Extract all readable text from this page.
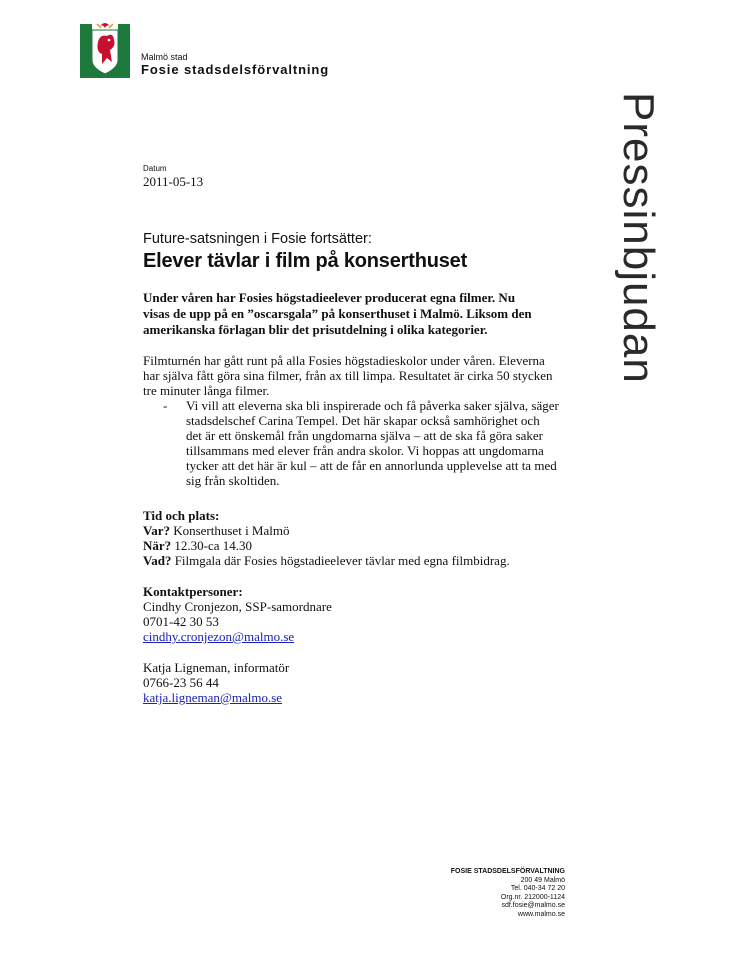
Malmö stad
Fosie stadsdelsförvaltning
Pressinbjudan
Datum
2011-05-13
Future-satsningen i Fosie fortsätter:
Elever tävlar i film på konserthuset
Under våren har Fosies högstadieelever producerat egna filmer. Nu
visas de upp på en ”oscarsgala” på konserthuset i Malmö. Liksom den
amerikanska förlagan blir det prisutdelning i olika kategorier.
Filmturnén har gått runt på alla Fosies högstadieskolor under våren. Eleverna
har själva fått göra sina filmer, från ax till limpa. Resultatet är cirka 50 stycken
tre minuter långa filmer.
- Vi vill att eleverna ska bli inspirerade och få påverka saker själva, säger
stadsdelschef Carina Tempel. Det här skapar också samhörighet och
det är ett önskemål från ungdomarna själva – att de ska få göra saker
tillsammans med elever från andra skolor. Vi hoppas att ungdomarna
tycker att det här är kul – att de får en annorlunda upplevelse att ta med
sig från skoltiden.
Tid och plats:
Var? Konserthuset i Malmö
När? 12.30-ca 14.30
Vad? Filmgala där Fosies högstadieelever tävlar med egna filmbidrag.
Kontaktpersoner:
Cindhy Cronjezon, SSP-samordnare
0701-42 30 53
cindhy.cronjezon@malmo.se
Katja Ligneman, informatör
0766-23 56 44
katja.ligneman@malmo.se
FOSIE STADSDELSFÖRVALTNING
200 49 Malmö
Tel. 040-34 72 20
Org.nr. 212000-1124
sdf.fosie@malmo.se
www.malmo.se
